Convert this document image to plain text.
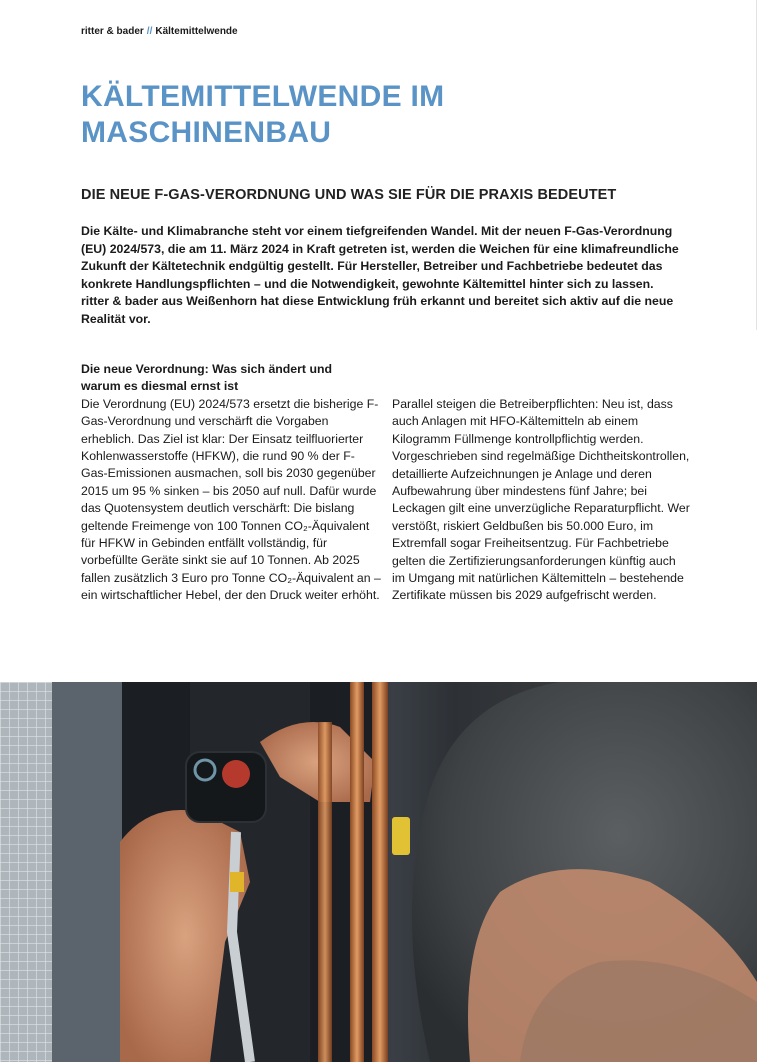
ritter & bader // Kältemittelwende
KÄLTEMITTELWENDE IM MASCHINENBAU
DIE NEUE F-GAS-VERORDNUNG UND WAS SIE FÜR DIE PRAXIS BEDEUTET

Die Kälte- und Klimabranche steht vor einem tiefgreifenden Wandel. Mit der neuen F-Gas-Verordnung (EU) 2024/573, die am 11. März 2024 in Kraft getreten ist, werden die Weichen für eine klimafreundliche Zukunft der Kältetechnik endgültig gestellt. Für Hersteller, Betreiber und Fachbetriebe bedeutet das konkrete Handlungspflichten – und die Notwendigkeit, gewohnte Kältemittel hinter sich zu lassen. ritter & bader aus Weißenhorn hat diese Entwicklung früh erkannt und bereitet sich aktiv auf die neue Realität vor.

Die neue Verordnung: Was sich ändert und warum es diesmal ernst ist

Die Verordnung (EU) 2024/573 ersetzt die bisherige F-Gas-Verordnung und verschärft die Vorgaben erheblich. Das Ziel ist klar: Der Einsatz teilfluorierter Kohlenwasserstoffe (HFKW), die rund 90 % der F-Gas-Emissionen ausmachen, soll bis 2030 gegenüber 2015 um 95 % sinken – bis 2050 auf null. Dafür wurde das Quotensystem deutlich verschärft: Die bislang geltende Freimenge von 100 Tonnen CO₂-Äquivalent für HFKW in Gebinden entfällt vollständig, für vorbefüllte Geräte sinkt sie auf 10 Tonnen. Ab 2025 fallen zusätzlich 3 Euro pro Tonne CO₂-Äquivalent an – ein wirtschaftlicher Hebel, der den Druck weiter erhöht.

Parallel steigen die Betreiberpflichten: Neu ist, dass auch Anlagen mit HFO-Kältemitteln ab einem Kilogramm Füllmenge kontrollpflichtig werden. Vorgeschrieben sind regelmäßige Dichtheitskontrollen, detaillierte Aufzeichnungen je Anlage und deren Aufbewahrung über mindestens fünf Jahre; bei Leckagen gilt eine unverzügliche Reparaturpflicht. Wer verstößt, riskiert Geldbußen bis 50.000 Euro, im Extremfall sogar Freiheitsentzug. Für Fachbetriebe gelten die Zertifizierungsanforderungen künftig auch im Umgang mit natürlichen Kältemitteln – bestehende Zertifikate müssen bis 2029 aufgefrischt werden.
